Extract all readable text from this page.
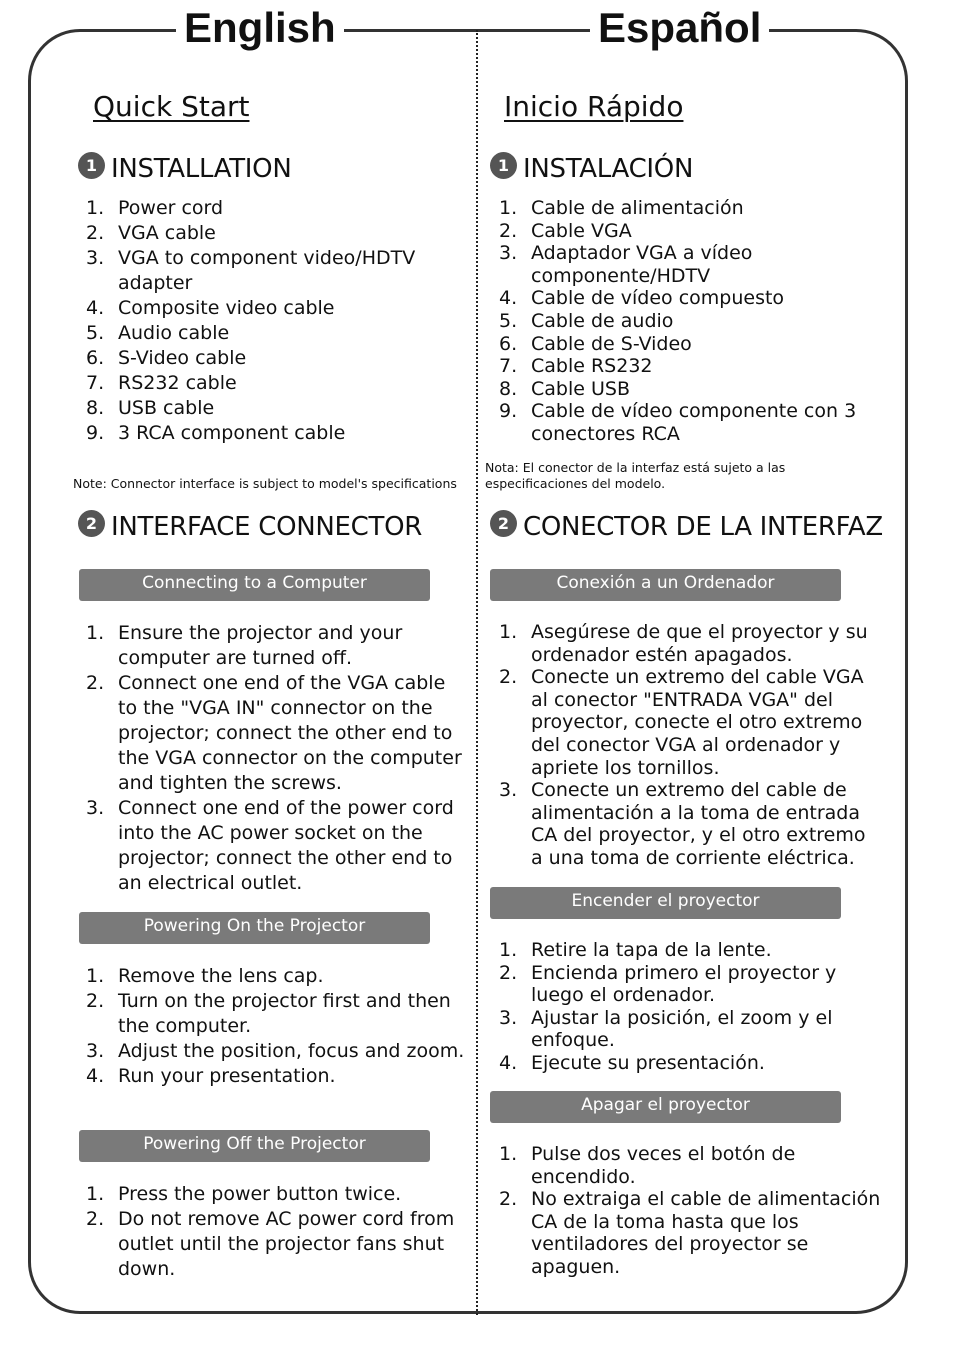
English	Español
Quick Start
1 INSTALLATION
1. Power cord
2. VGA cable
3. VGA to component video/HDTV adapter
4. Composite video cable
5. Audio cable
6. S-Video cable
7. RS232 cable
8. USB cable
9. 3 RCA component cable
Note: Connector interface is subject to model's specifications
2 INTERFACE CONNECTOR
Connecting to a Computer
1. Ensure the projector and your computer are turned off.
2. Connect one end of the VGA cable to the "VGA IN" connector on the projector; connect the other end to the VGA connector on the computer and tighten the screws.
3. Connect one end of the power cord into the AC power socket on the projector; connect the other end to an electrical outlet.
Powering On the Projector
1. Remove the lens cap.
2. Turn on the projector first and then the computer.
3. Adjust the position, focus and zoom.
4. Run your presentation.
Powering Off the Projector
1. Press the power button twice.
2. Do not remove AC power cord from outlet until the projector fans shut down.
Inicio Rápido
1 INSTALACIÓN
1. Cable de alimentación
2. Cable VGA
3. Adaptador VGA a vídeo componente/HDTV
4. Cable de vídeo compuesto
5. Cable de audio
6. Cable de S-Video
7. Cable RS232
8. Cable USB
9. Cable de vídeo componente con 3 conectores RCA
Nota: El conector de la interfaz está sujeto a las especificaciones del modelo.
2 CONECTOR DE LA INTERFAZ
Conexión a un Ordenador
1. Asegúrese de que el proyector y su ordenador estén apagados.
2. Conecte un extremo del cable VGA al conector "ENTRADA VGA" del proyector, conecte el otro extremo del conector VGA al ordenador y apriete los tornillos.
3. Conecte un extremo del cable de alimentación a la toma de entrada CA del proyector, y el otro extremo a una toma de corriente eléctrica.
Encender el proyector
1. Retire la tapa de la lente.
2. Encienda primero el proyector y luego el ordenador.
3. Ajustar la posición, el zoom y el enfoque.
4. Ejecute su presentación.
Apagar el proyector
1. Pulse dos veces el botón de encendido.
2. No extraiga el cable de alimentación CA de la toma hasta que los ventiladores del proyector se apaguen.
